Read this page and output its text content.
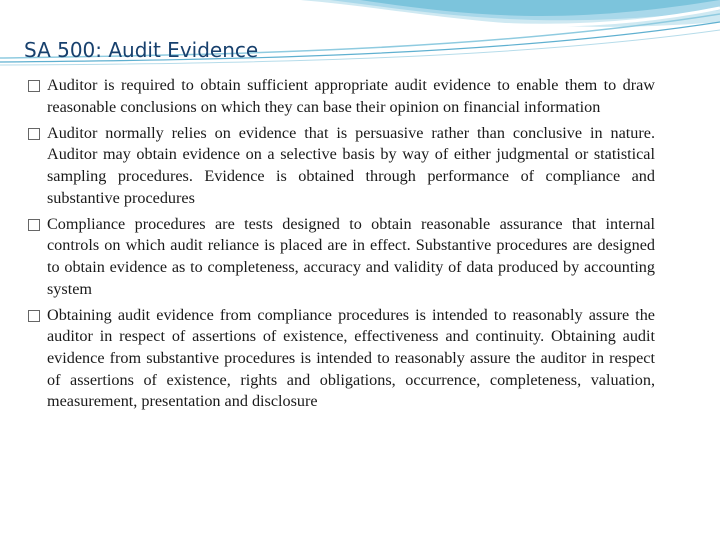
SA 500: Audit Evidence
Auditor is required to obtain sufficient appropriate audit evidence to enable them to draw reasonable conclusions on which they can base their opinion on financial information
Auditor normally relies on evidence that is persuasive rather than conclusive in nature. Auditor may obtain evidence on a selective basis by way of either judgmental or statistical sampling procedures. Evidence is obtained through performance of compliance and substantive procedures
Compliance procedures are tests designed to obtain reasonable assurance that internal controls on which audit reliance is placed are in effect. Substantive procedures are designed to obtain evidence as to completeness, accuracy and validity of data produced by accounting system
Obtaining audit evidence from compliance procedures is intended to reasonably assure the auditor in respect of assertions of existence, effectiveness and continuity. Obtaining audit evidence from substantive procedures is intended to reasonably assure the auditor in respect of assertions of existence, rights and obligations, occurrence, completeness, valuation, measurement, presentation and disclosure
